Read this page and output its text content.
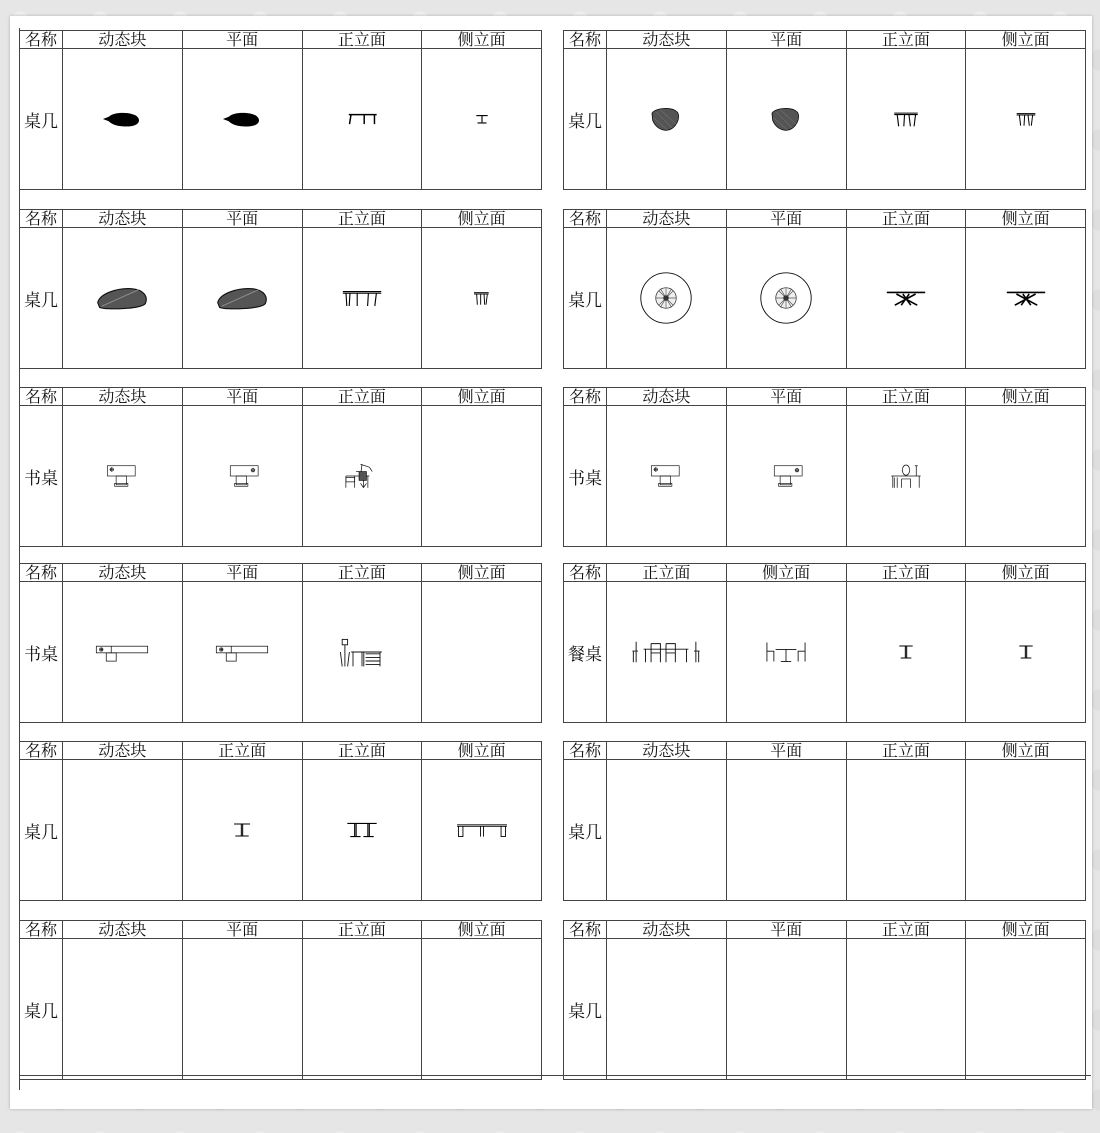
名称	动态块	平面	正立面	侧立面
桌几	

名称	动态块	平面	正立面	侧立面
桌几	

名称	动态块	平面	正立面	侧立面
桌几	

名称	动态块	平面	正立面	侧立面
桌几	

名称	动态块	平面	正立面	侧立面
书桌	

名称	动态块	平面	正立面	侧立面
书桌	

名称	动态块	平面	正立面	侧立面
书桌	

名称	正立面	侧立面	正立面	侧立面
餐桌	

名称	动态块	正立面	正立面	侧立面
桌几		

名称	动态块	平面	正立面	侧立面
桌几				
名称	动态块	平面	正立面	侧立面
桌几				
名称	动态块	平面	正立面	侧立面
桌几				
